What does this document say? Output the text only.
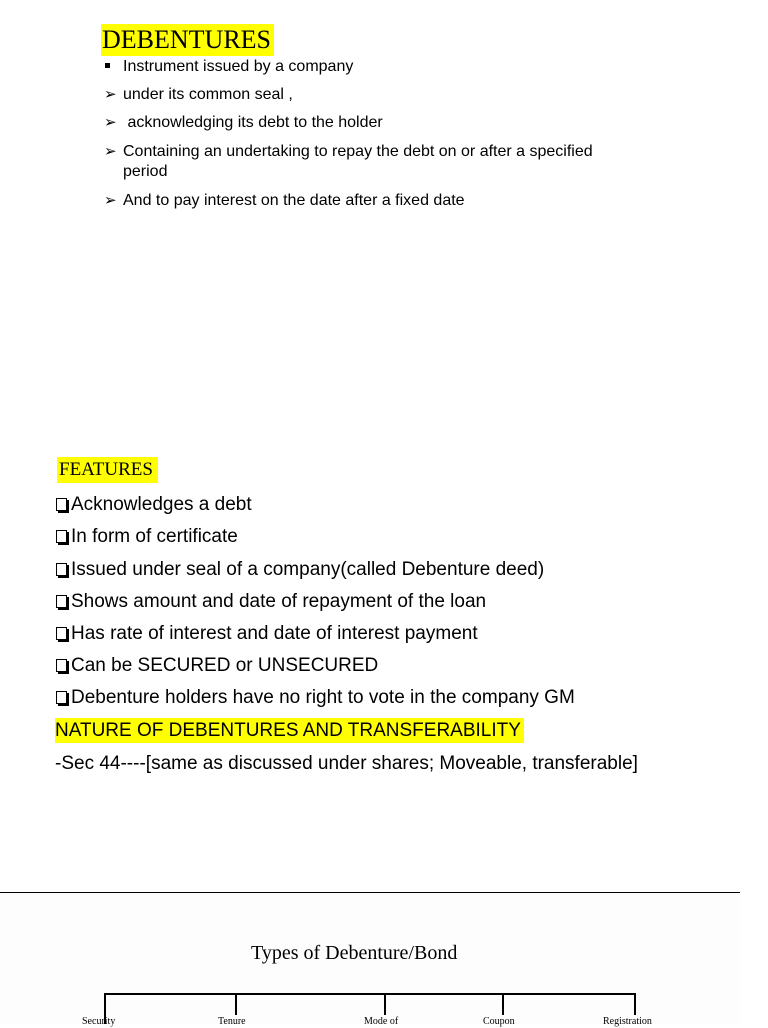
DEBENTURES
Instrument issued by a company
➢ under its common seal ,
➢ acknowledging its debt to the holder
➢ Containing an undertaking to repay the debt on or after a specified
period
➢ And to pay interest on the date after a fixed date
FEATURES
Acknowledges a debt
In form of certificate
Issued under seal of a company(called Debenture deed)
Shows amount and date of repayment of the loan
Has rate of interest and date of interest payment
Can be SECURED or UNSECURED
Debenture holders have no right to vote in the company GM
NATURE OF DEBENTURES AND TRANSFERABILITY
-Sec 44----[same as discussed under shares; Moveable, transferable]
Types of Debenture/Bond
Security	Tenure	Mode of	Coupon	Registration
